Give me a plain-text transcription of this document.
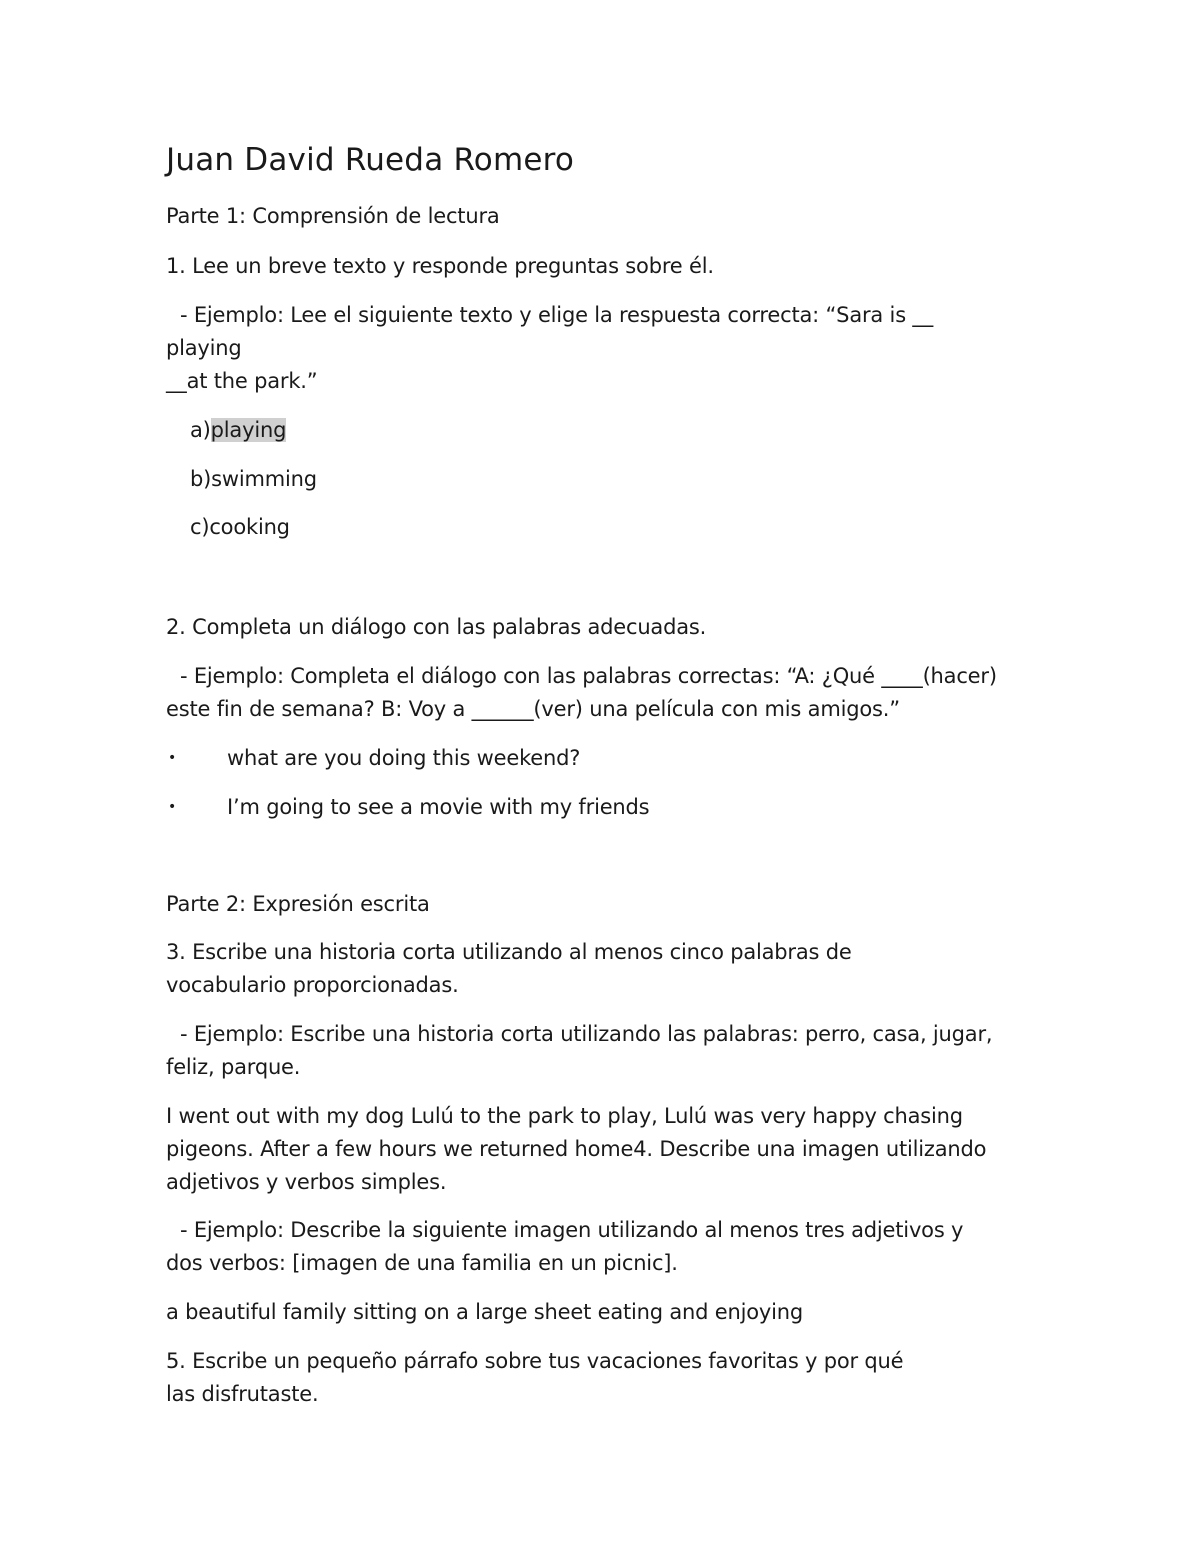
Juan David Rueda Romero
Parte 1: Comprensión de lectura
1. Lee un breve texto y responde preguntas sobre él.
- Ejemplo: Lee el siguiente texto y elige la respuesta correcta: “Sara is __
playing
__at the park.”
a)playing
b)swimming
c)cooking
2. Completa un diálogo con las palabras adecuadas.
- Ejemplo: Completa el diálogo con las palabras correctas: “A: ¿Qué ____(hacer)
este fin de semana? B: Voy a ______(ver) una película con mis amigos.”
• what are you doing this weekend?
• I’m going to see a movie with my friends
Parte 2: Expresión escrita
3. Escribe una historia corta utilizando al menos cinco palabras de
vocabulario proporcionadas.
- Ejemplo: Escribe una historia corta utilizando las palabras: perro, casa, jugar,
feliz, parque.
I went out with my dog Lulú to the park to play, Lulú was very happy chasing
pigeons. After a few hours we returned home4. Describe una imagen utilizando
adjetivos y verbos simples.
- Ejemplo: Describe la siguiente imagen utilizando al menos tres adjetivos y
dos verbos: [imagen de una familia en un picnic].
a beautiful family sitting on a large sheet eating and enjoying
5. Escribe un pequeño párrafo sobre tus vacaciones favoritas y por qué
las disfrutaste.
